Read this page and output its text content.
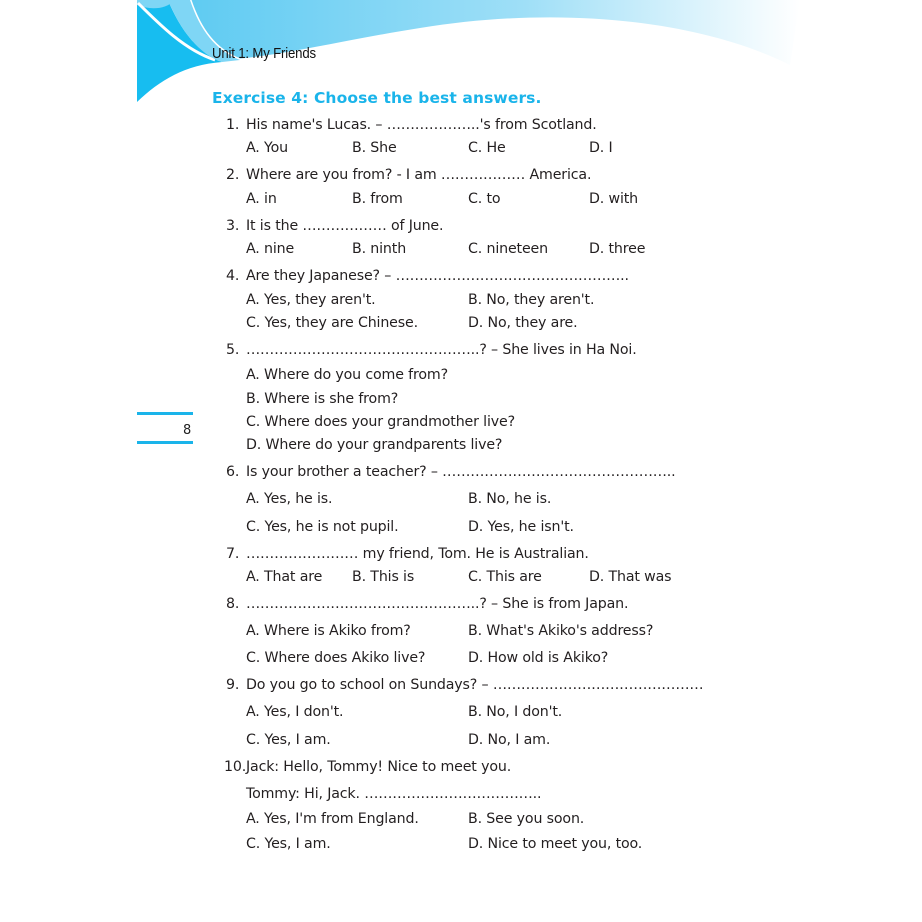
Unit 1: My Friends
Exercise 4: Choose the best answers.
8
1. His name's Lucas. – ………………..'s from Scotland.
A. You	B. She	C. He	D. I
2. Where are you from? - I am ……………… America.
A. in	B. from	C. to	D. with
3. It is the ……………… of June.
A. nine	B. ninth	C. nineteen	D. three
4. Are they Japanese? – …………………………………………..
A. Yes, they aren't.	B. No, they aren't.
C. Yes, they are Chinese.	D. No, they are.
5. …………………………………………..? – She lives in Ha Noi.
A. Where do you come from?
B. Where is she from?
C. Where does your grandmother live?
D. Where do your grandparents live?
6. Is your brother a teacher? – …………………………………………..
A. Yes, he is.	B. No, he is.
C. Yes, he is not pupil.	D. Yes, he isn't.
7. …………………… my friend, Tom. He is Australian.
A. That are B. This is	C. This are	D. That was
8. …………………………………………..? – She is from Japan.
A. Where is Akiko from?	B. What's Akiko's address?
C. Where does Akiko live?	D. How old is Akiko?
9. Do you go to school on Sundays? – ………………………………………
A. Yes, I don't.	B. No, I don't.
C. Yes, I am.	D. No, I am.
10. Jack: Hello, Tommy! Nice to meet you.
Tommy: Hi, Jack. ………………………………..
A. Yes, I'm from England.	B. See you soon.
C. Yes, I am.	D. Nice to meet you, too.
